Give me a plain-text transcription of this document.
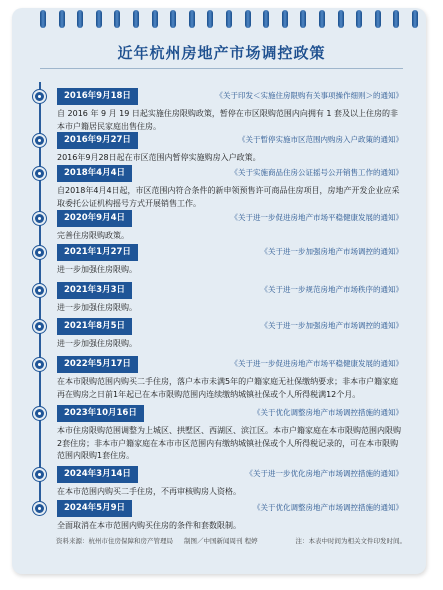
近年杭州房地产市场调控政策
2016年9月18日	《关于印发＜实施住房限购有关事项操作细则＞的通知》
自 2016 年 9 月 19 日起实施住房限购政策，暂停在市区限购范围内向拥有 1 套及以上住房的非本市户籍居民家庭出售住房。
2016年9月27日	《关于暂停实施市区范围内购房入户政策的通知》
2016年9月28日起在市区范围内暂停实施购房入户政策。
2018年4月4日	《关于实施商品住房公证摇号公开销售工作的通知》
自2018年4月4日起，市区范围内符合条件的新申领预售许可商品住房项目，房地产开发企业应采取委托公证机构摇号方式开展销售工作。
2020年9月4日	《关于进一步促进房地产市场平稳健康发展的通知》
完善住房限购政策。
2021年1月27日	《关于进一步加强房地产市场调控的通知》
进一步加强住房限购。
2021年3月3日	《关于进一步规范房地产市场秩序的通知》
进一步加强住房限购。
2021年8月5日	《关于进一步加强房地产市场调控的通知》
进一步加强住房限购。
2022年5月17日	《关于进一步促进房地产市场平稳健康发展的通知》
在本市限购范围内购买二手住房，落户本市未满5年的户籍家庭无社保缴纳要求；非本市户籍家庭再在购房之日前1年起已在本市限购范围内连续缴纳城镇社保或个人所得税满12个月。
2023年10月16日	《关于优化调整房地产市场调控措施的通知》
本市住房限购范围调整为上城区、拱墅区、西湖区、滨江区。本市户籍家庭在本市限购范围内限购2套住房；非本市户籍家庭在本市市区范围内有缴纳城镇社保或个人所得税记录的，可在本市限购范围内限购1套住房。
2024年3月14日	《关于进一步优化房地产市场调控措施的通知》
在本市范围内购买二手住房，不再审核购房人资格。
2024年5月9日	《关于优化调整房地产市场调控措施的通知》
全面取消在本市范围内购买住房的条件和套数限制。
资料来源：杭州市住房保障和房产管理局 制图／中国新闻周刊 程婷	注：本表中时间为相关文件印发时间。
